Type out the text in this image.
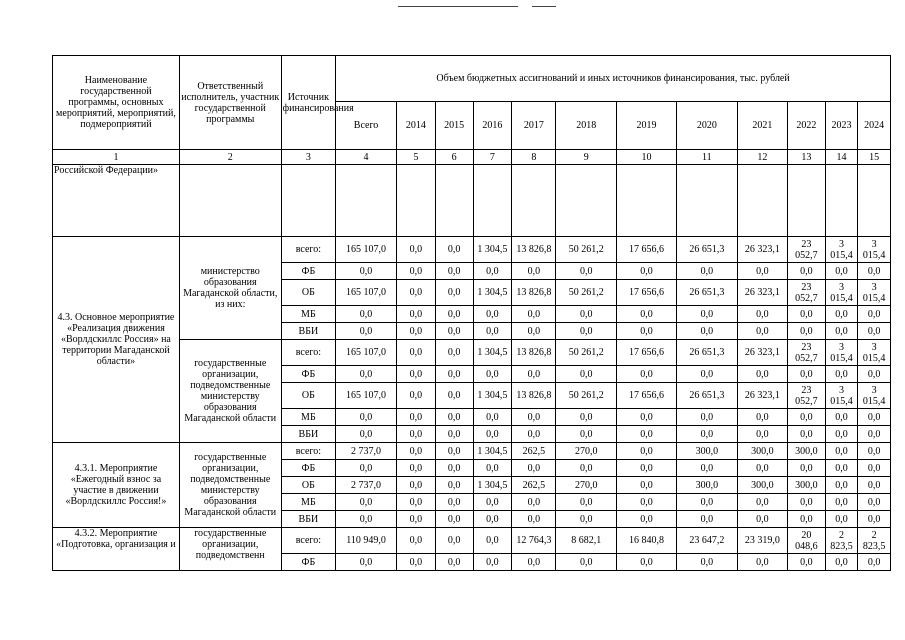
Наименование государственной программы, основных мероприятий, мероприятий, подмероприятий	Ответственный исполнитель, участник государственной программы	Источник финансирования	Объем бюджетных ассигнований и иных источников финансирования, тыс. рублей											
			Всего	2014	2015	2016	2017	2018	2019	2020	2021	2022	2023	2024
1	2	3	4	5	6	7	8	9	10	11	12	13	14	15
Российской Федерации»														
4.3. Основное мероприятие «Реализация движения «Ворлдскиллс Россия» на территории Магаданской области»	министерство образования Магаданской области, из них:	всего:	165 107,0	0,0	0,0	1 304,5	13 826,8	50 261,2	17 656,6	26 651,3	26 323,1	23 052,7	3 015,4	3 015,4
		ФБ	0,0	0,0	0,0	0,0	0,0	0,0	0,0	0,0	0,0	0,0	0,0	0,0
		ОБ	165 107,0	0,0	0,0	1 304,5	13 826,8	50 261,2	17 656,6	26 651,3	26 323,1	23 052,7	3 015,4	3 015,4
		МБ	0,0	0,0	0,0	0,0	0,0	0,0	0,0	0,0	0,0	0,0	0,0	0,0
		ВБИ	0,0	0,0	0,0	0,0	0,0	0,0	0,0	0,0	0,0	0,0	0,0	0,0
	государственные организации, подведомственные министерству образования Магаданской области	всего:	165 107,0	0,0	0,0	1 304,5	13 826,8	50 261,2	17 656,6	26 651,3	26 323,1	23 052,7	3 015,4	3 015,4
		ФБ	0,0	0,0	0,0	0,0	0,0	0,0	0,0	0,0	0,0	0,0	0,0	0,0
		ОБ	165 107,0	0,0	0,0	1 304,5	13 826,8	50 261,2	17 656,6	26 651,3	26 323,1	23 052,7	3 015,4	3 015,4
		МБ	0,0	0,0	0,0	0,0	0,0	0,0	0,0	0,0	0,0	0,0	0,0	0,0
		ВБИ	0,0	0,0	0,0	0,0	0,0	0,0	0,0	0,0	0,0	0,0	0,0	0,0
4.3.1. Мероприятие «Ежегодный взнос за участие в движении «Ворлдскиллс Россия!»	государственные организации, подведомственные министерству образования Магаданской области	всего:	2 737,0	0,0	0,0	1 304,5	262,5	270,0	0,0	300,0	300,0	300,0	0,0	0,0
		ФБ	0,0	0,0	0,0	0,0	0,0	0,0	0,0	0,0	0,0	0,0	0,0	0,0
		ОБ	2 737,0	0,0	0,0	1 304,5	262,5	270,0	0,0	300,0	300,0	300,0	0,0	0,0
		МБ	0,0	0,0	0,0	0,0	0,0	0,0	0,0	0,0	0,0	0,0	0,0	0,0
		ВБИ	0,0	0,0	0,0	0,0	0,0	0,0	0,0	0,0	0,0	0,0	0,0	0,0
4.3.2. Мероприятие «Подготовка, организация и	государственные организации, подведомственн	всего:	110 949,0	0,0	0,0	0,0	12 764,3	8 682,1	16 840,8	23 647,2	23 319,0	20 048,6	2 823,5	2 823,5
		ФБ	0,0	0,0	0,0	0,0	0,0	0,0	0,0	0,0	0,0	0,0	0,0	0,0
